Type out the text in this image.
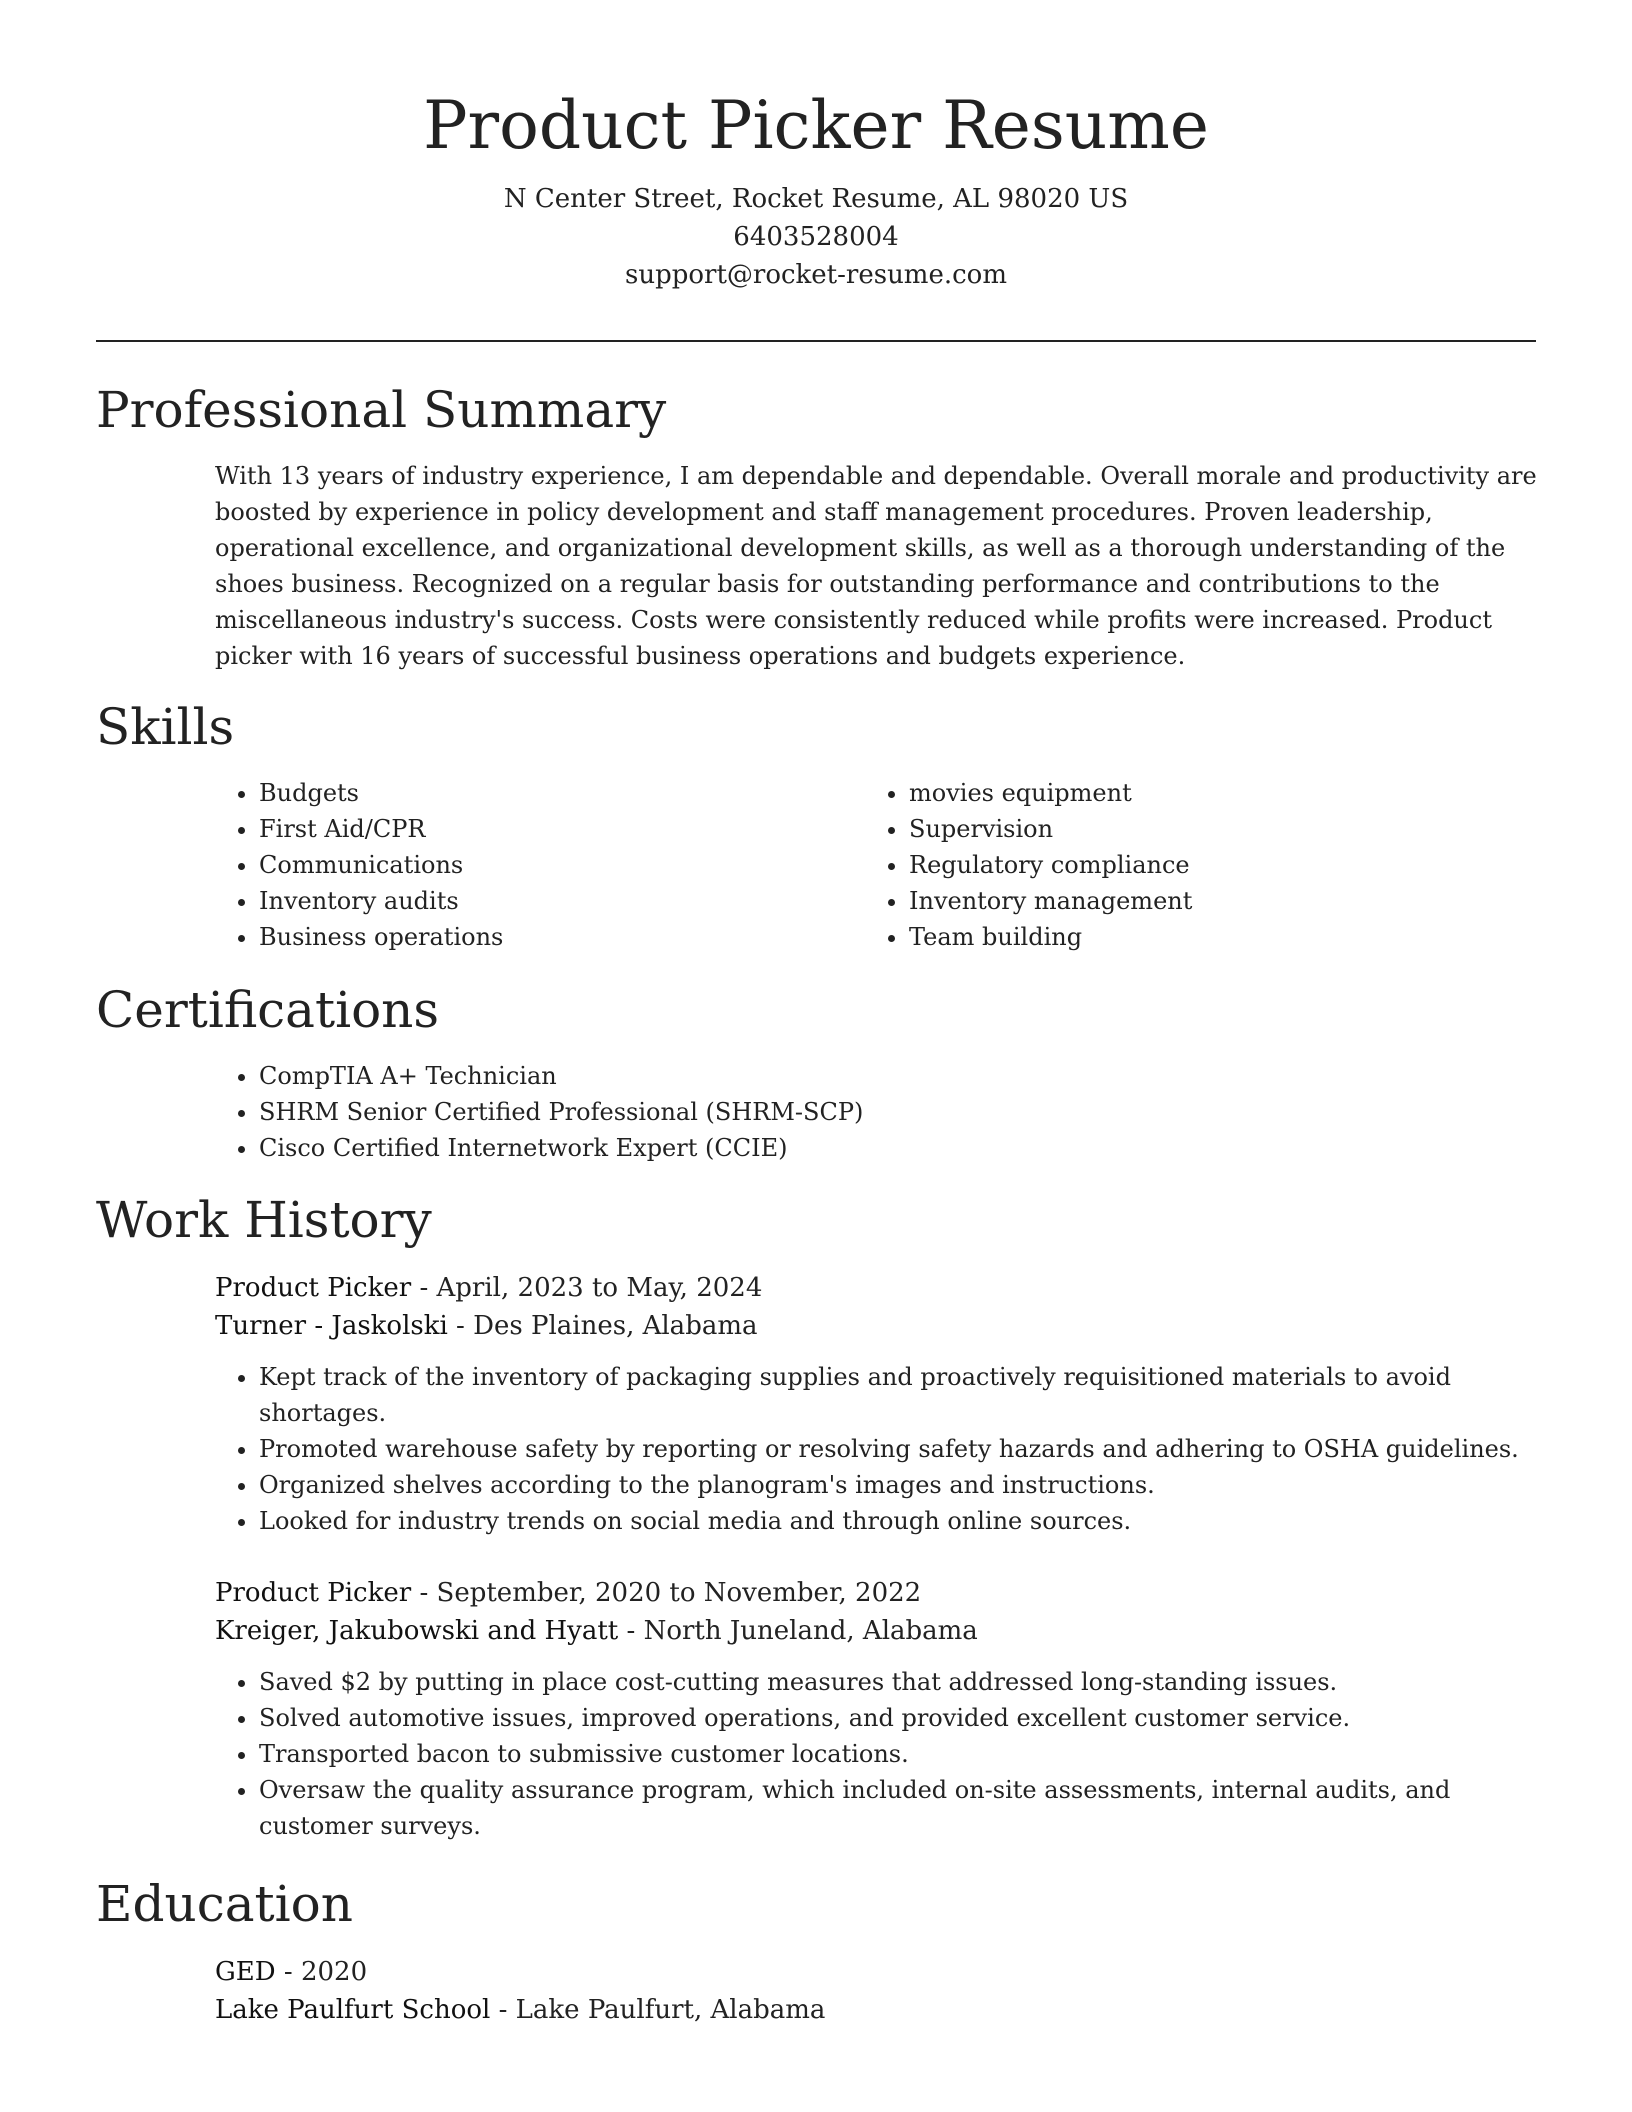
Product Picker Resume
N Center Street, Rocket Resume, AL 98020 US
6403528004
support@rocket-resume.com
Professional Summary
With 13 years of industry experience, I am dependable and dependable. Overall morale and productivity are boosted by experience in policy development and staff management procedures. Proven leadership, operational excellence, and organizational development skills, as well as a thorough understanding of the shoes business. Recognized on a regular basis for outstanding performance and contributions to the miscellaneous industry's success. Costs were consistently reduced while profits were increased. Product picker with 16 years of successful business operations and budgets experience.
Skills
• Budgets
• First Aid/CPR
• Communications
• Inventory audits
• Business operations
• movies equipment
• Supervision
• Regulatory compliance
• Inventory management
• Team building
Certifications
• CompTIA A+ Technician
• SHRM Senior Certified Professional (SHRM-SCP)
• Cisco Certified Internetwork Expert (CCIE)
Work History
Product Picker - April, 2023 to May, 2024
Turner - Jaskolski - Des Plaines, Alabama
• Kept track of the inventory of packaging supplies and proactively requisitioned materials to avoid shortages.
• Promoted warehouse safety by reporting or resolving safety hazards and adhering to OSHA guidelines.
• Organized shelves according to the planogram's images and instructions.
• Looked for industry trends on social media and through online sources.
Product Picker - September, 2020 to November, 2022
Kreiger, Jakubowski and Hyatt - North Juneland, Alabama
• Saved $2 by putting in place cost-cutting measures that addressed long-standing issues.
• Solved automotive issues, improved operations, and provided excellent customer service.
• Transported bacon to submissive customer locations.
• Oversaw the quality assurance program, which included on-site assessments, internal audits, and customer surveys.
Education
GED - 2020
Lake Paulfurt School - Lake Paulfurt, Alabama
